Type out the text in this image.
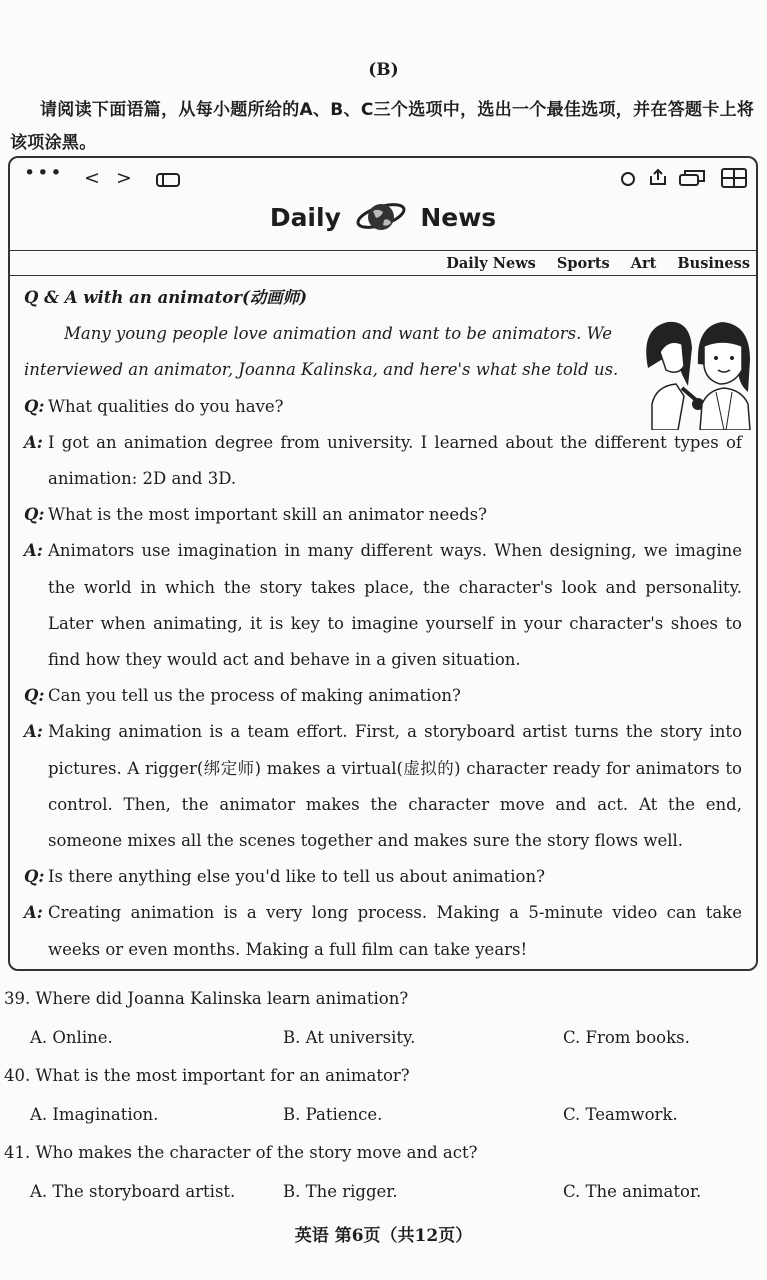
(B)
请阅读下面语篇，从每小题所给的A、B、C三个选项中，选出一个最佳选项，并在答题卡上将该项涂黑。
••• < >
Daily	News
Daily News Sports Art Business

Q & A with an animator(动画师)

Many young people love animation and want to be animators. We
interviewed an animator, Joanna Kalinska, and here's what she told us.

Q: What qualities do you have?
A: I got an animation degree from university. I learned about the different types of animation: 2D and 3D.
Q: What is the most important skill an animator needs?
A: Animators use imagination in many different ways. When designing, we imagine the world in which the story takes place, the character's look and personality. Later when animating, it is key to imagine yourself in your character's shoes to find how they would act and behave in a given situation.
Q: Can you tell us the process of making animation?
A: Making animation is a team effort. First, a storyboard artist turns the story into pictures. A rigger(绑定师) makes a virtual(虚拟的) character ready for animators to control. Then, the animator makes the character move and act. At the end, someone mixes all the scenes together and makes sure the story flows well.
Q: Is there anything else you'd like to tell us about animation?
A: Creating animation is a very long process. Making a 5-minute video can take weeks or even months. Making a full film can take years!
39. Where did Joanna Kalinska learn animation?
A. Online.	B. At university.	C. From books.
40. What is the most important for an animator?
A. Imagination.	B. Patience.	C. Teamwork.
41. Who makes the character of the story move and act?
A. The storyboard artist.	B. The rigger.	C. The animator.
英语 第6页（共12页）
